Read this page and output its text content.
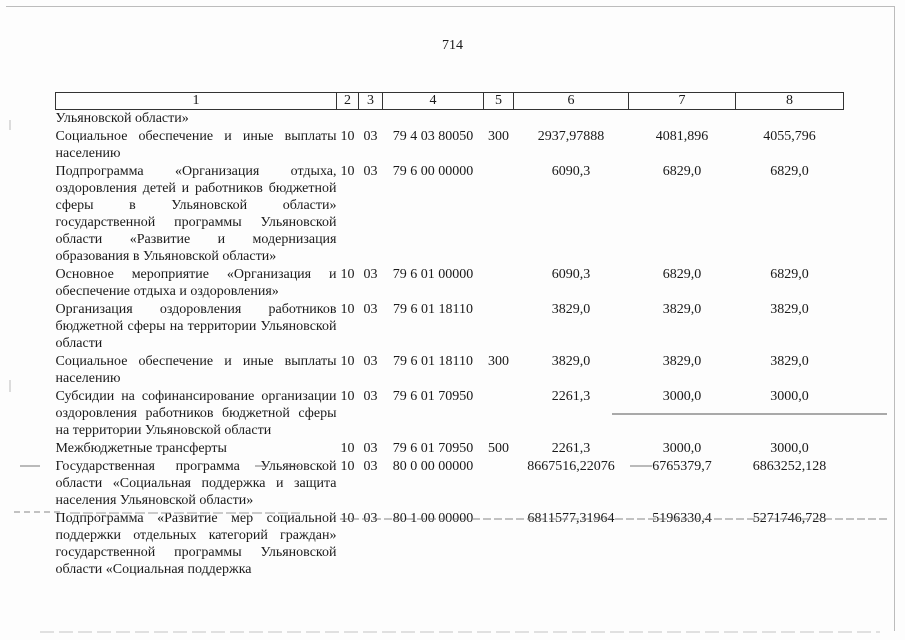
714
1	2	3	4	5	6	7	8
Ульяновской области»							
Социальное обеспечение и иные выплаты населению	10	03	79 4 03 80050	300	2937,97888	4081,896	4055,796
Подпрограмма «Организация отдыха, оздоровления детей и работников бюджетной сферы в Ульяновской области» государственной программы Ульяновской области «Развитие и модернизация образования в Ульяновской области»	10	03	79 6 00 00000		6090,3	6829,0	6829,0
Основное мероприятие «Организация и обеспечение отдыха и оздоровления»	10	03	79 6 01 00000		6090,3	6829,0	6829,0
Организация оздоровления работников бюджетной сферы на территории Ульяновской области	10	03	79 6 01 18110		3829,0	3829,0	3829,0
Социальное обеспечение и иные выплаты населению	10	03	79 6 01 18110	300	3829,0	3829,0	3829,0
Субсидии на софинансирование организации оздоровления работников бюджетной сферы на территории Ульяновской области	10	03	79 6 01 70950		2261,3	3000,0	3000,0
Межбюджетные трансферты	10	03	79 6 01 70950	500	2261,3	3000,0	3000,0
Государственная программа Ульяновской области «Социальная поддержка и защита населения Ульяновской области»	10	03	80 0 00 00000		8667516,22076	6765379,7	6863252,128
Подпрограмма «Развитие мер социальной поддержки отдельных категорий граждан» государственной программы Ульяновской области «Социальная поддержка	10	03	80 1 00 00000		6811577,31964	5196330,4	5271746,728
